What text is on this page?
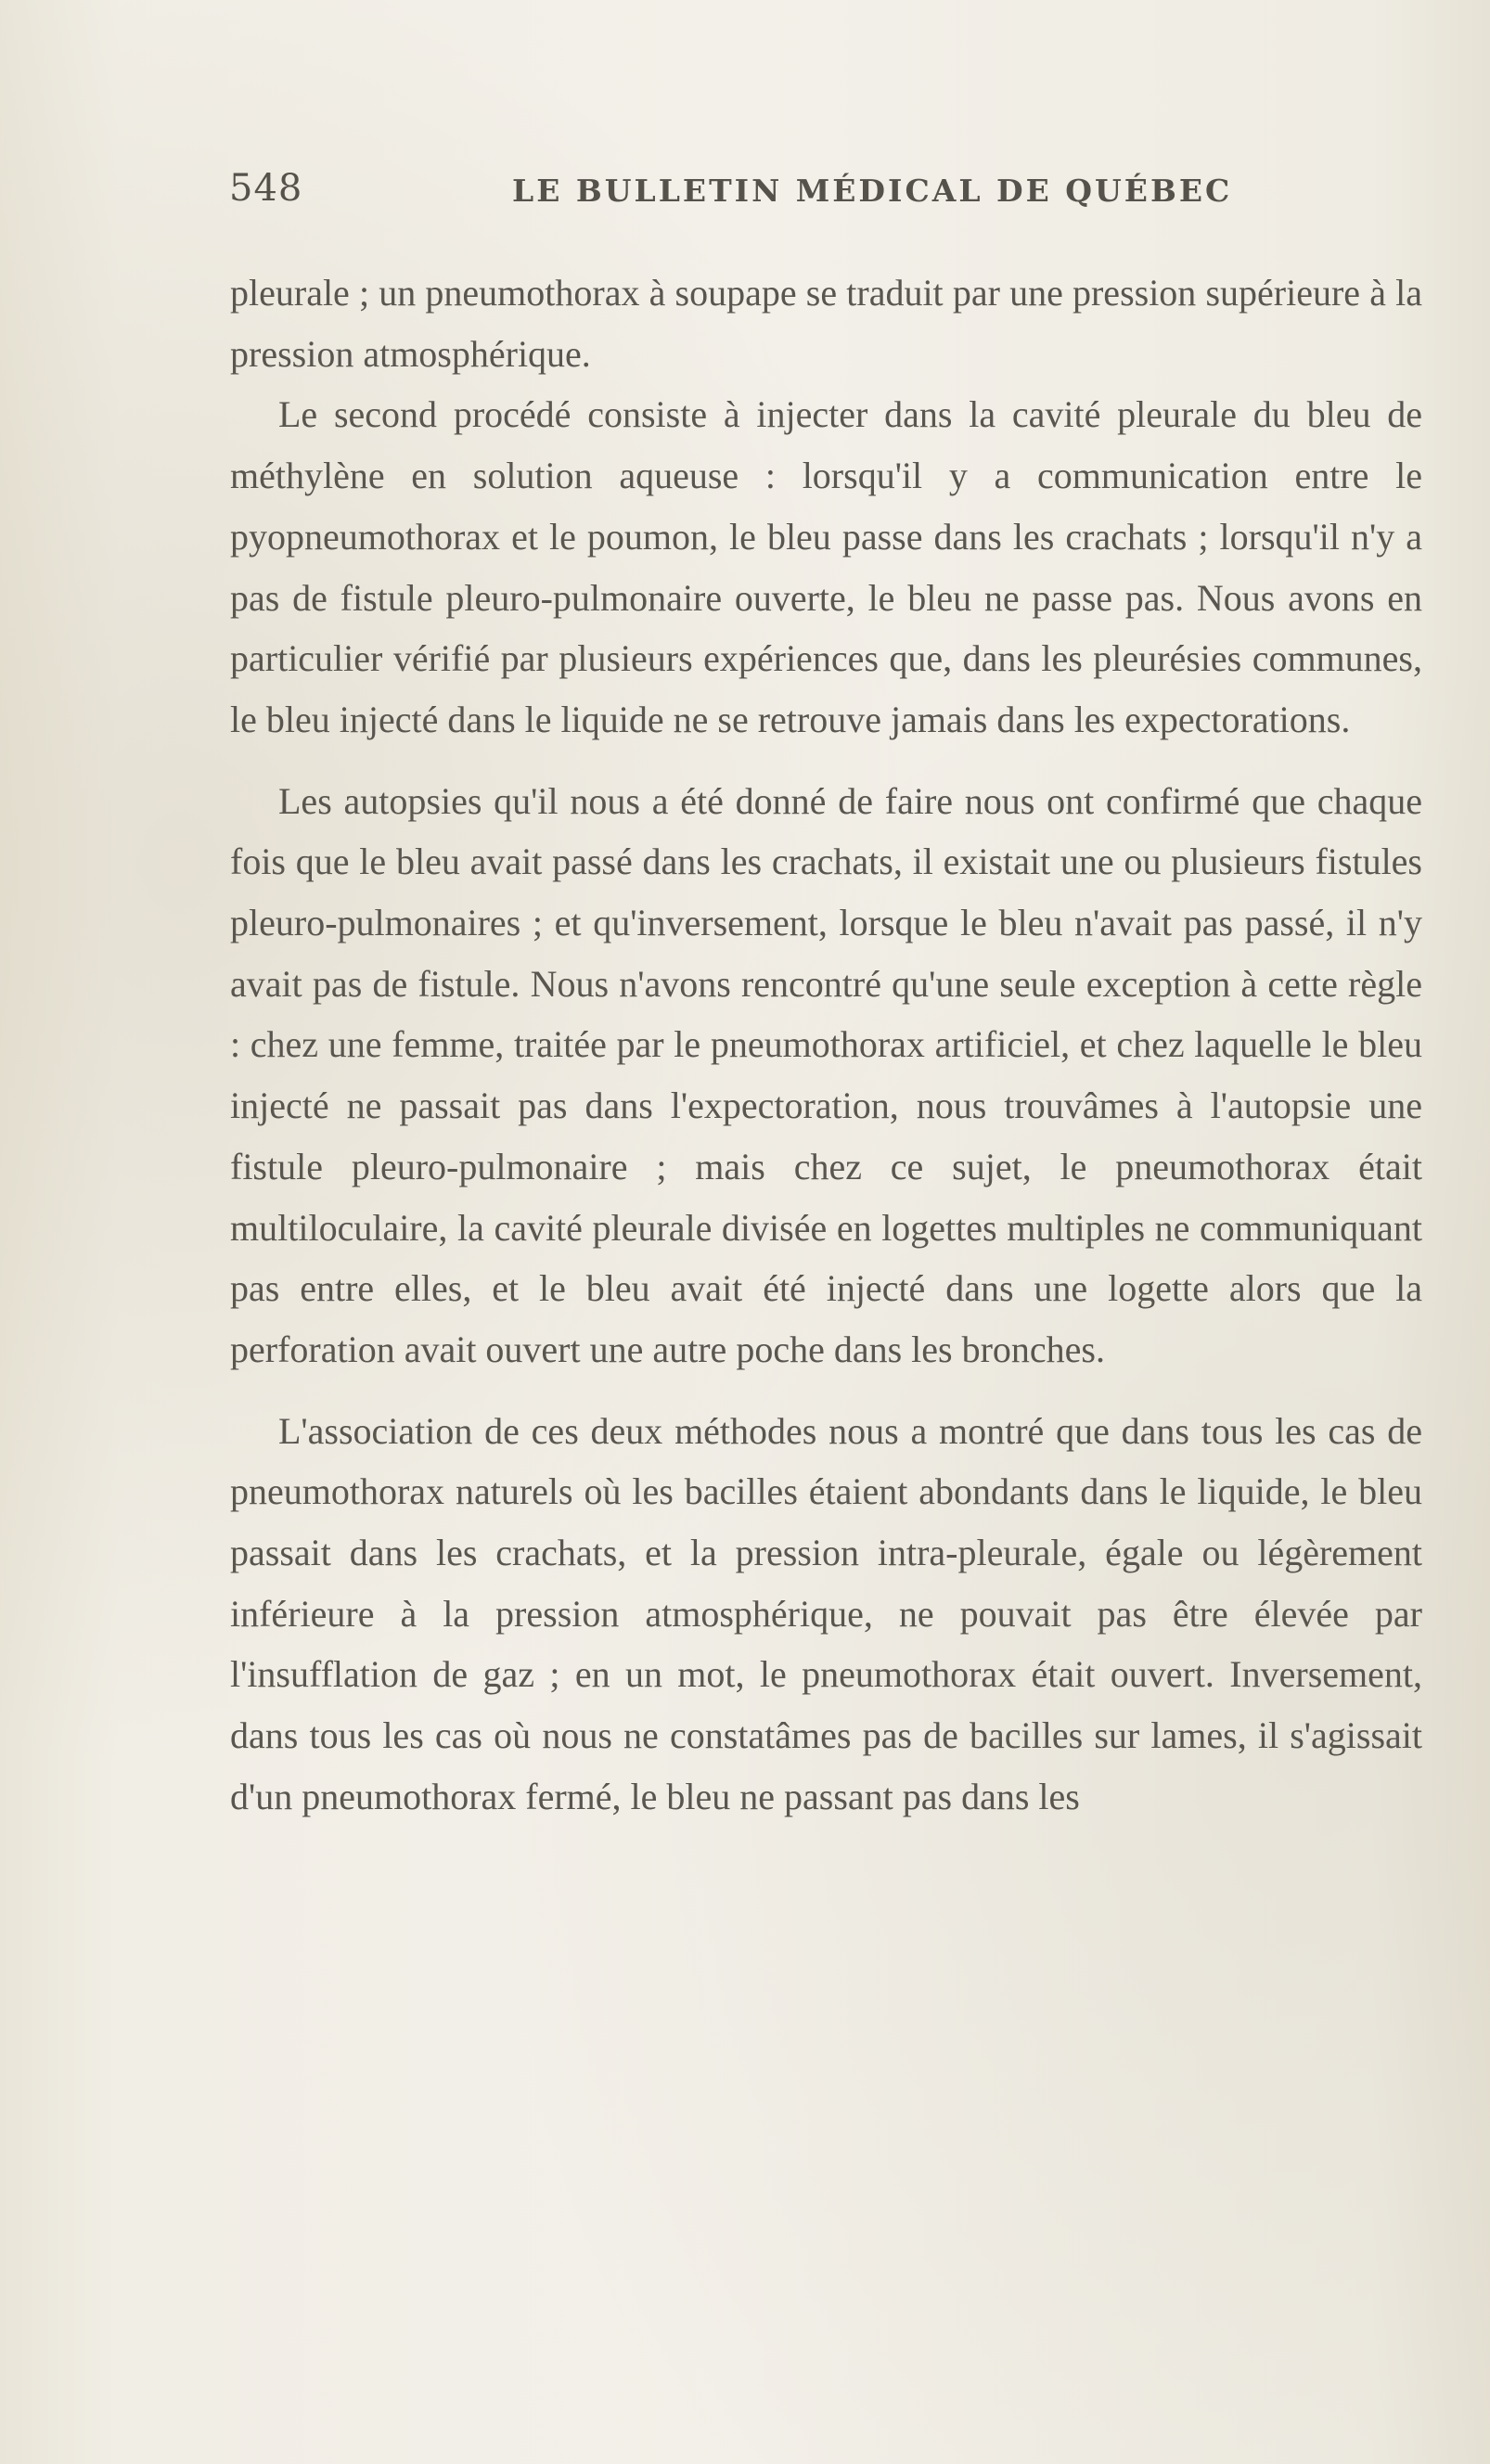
548	LE BULLETIN MÉDICAL DE QUÉBEC

pleurale ; un pneumothorax à soupape se traduit par une pression supérieure à la pression atmosphérique.

Le second procédé consiste à injecter dans la cavité pleurale du bleu de méthylène en solution aqueuse : lorsqu'il y a communication entre le pyopneumothorax et le poumon, le bleu passe dans les crachats ; lorsqu'il n'y a pas de fistule pleuro-pulmonaire ouverte, le bleu ne passe pas. Nous avons en particulier vérifié par plusieurs expériences que, dans les pleurésies communes, le bleu injecté dans le liquide ne se retrouve jamais dans les expectorations.

Les autopsies qu'il nous a été donné de faire nous ont confirmé que chaque fois que le bleu avait passé dans les crachats, il existait une ou plusieurs fistules pleuro-pulmonaires ; et qu'inversement, lorsque le bleu n'avait pas passé, il n'y avait pas de fistule. Nous n'avons rencontré qu'une seule exception à cette règle : chez une femme, traitée par le pneumothorax artificiel, et chez laquelle le bleu injecté ne passait pas dans l'expectoration, nous trouvâmes à l'autopsie une fistule pleuro-pulmonaire ; mais chez ce sujet, le pneumothorax était multiloculaire, la cavité pleurale divisée en logettes multiples ne communiquant pas entre elles, et le bleu avait été injecté dans une logette alors que la perforation avait ouvert une autre poche dans les bronches.

L'association de ces deux méthodes nous a montré que dans tous les cas de pneumothorax naturels où les bacilles étaient abondants dans le liquide, le bleu passait dans les crachats, et la pression intra-pleurale, égale ou légèrement inférieure à la pression atmosphérique, ne pouvait pas être élevée par l'insufflation de gaz ; en un mot, le pneumothorax était ouvert. Inversement, dans tous les cas où nous ne constatâmes pas de bacilles sur lames, il s'agissait d'un pneumothorax fermé, le bleu ne passant pas dans les
